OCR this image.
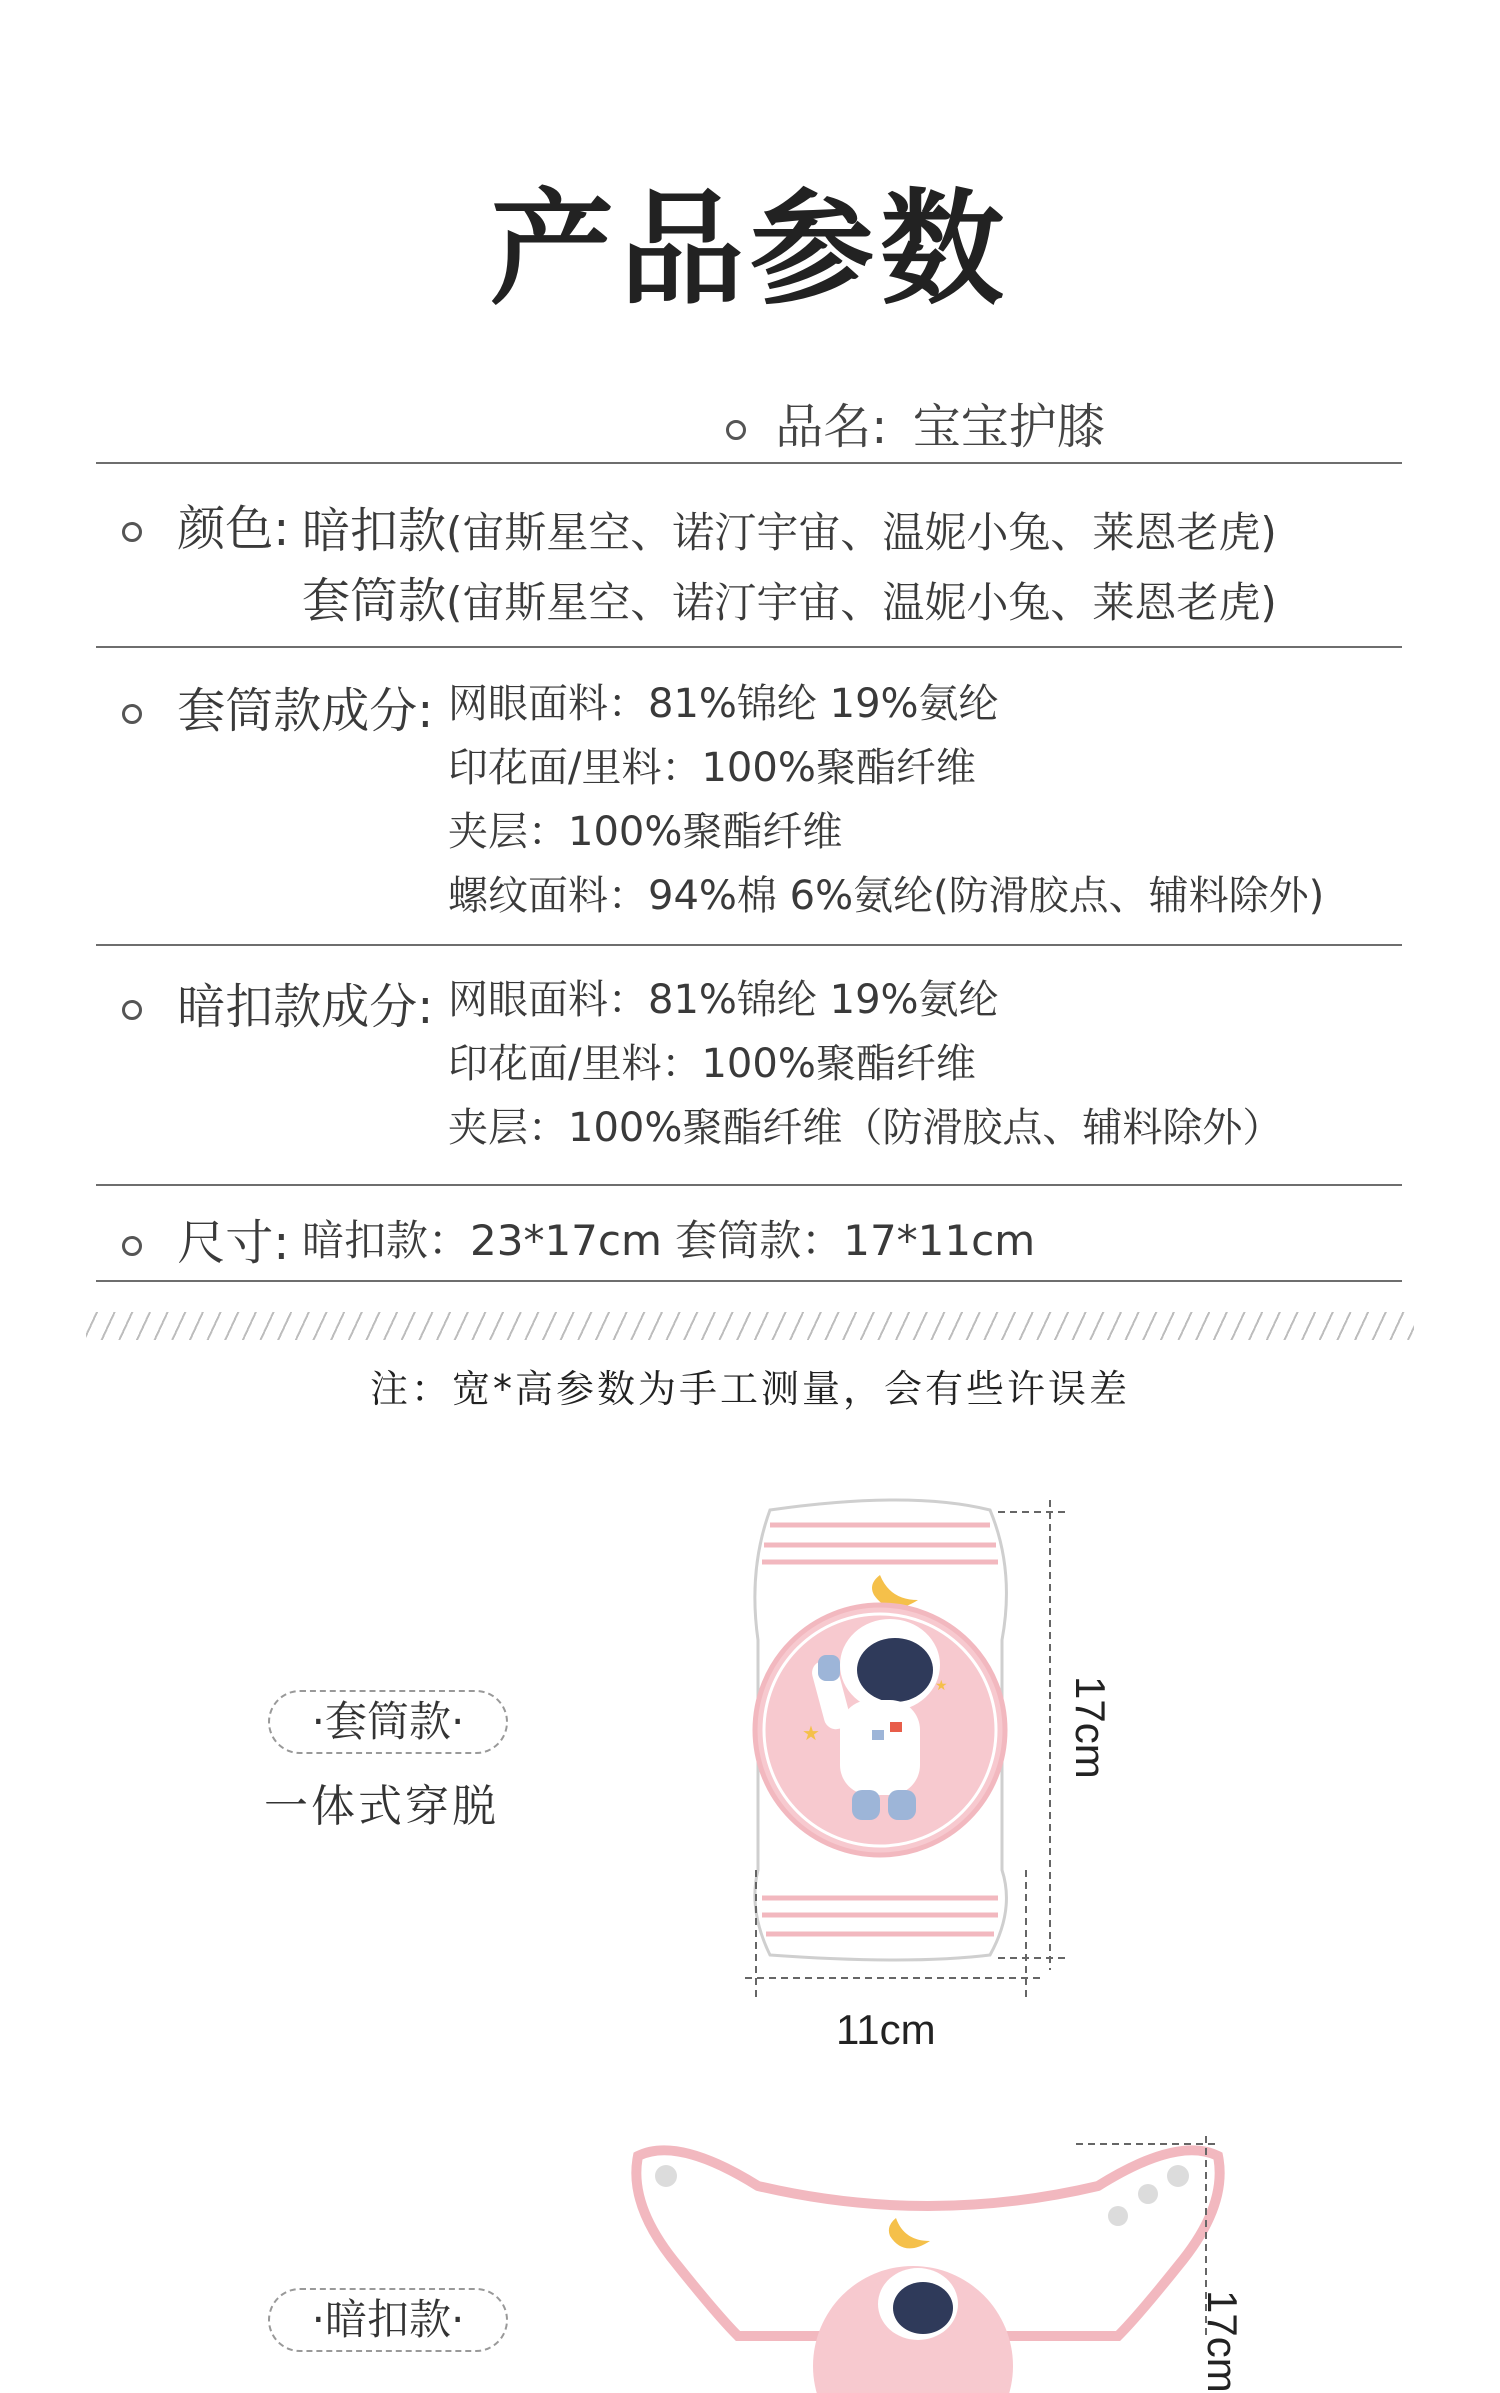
产品参数
品名: 宝宝护膝
颜色: 暗扣款(宙斯星空、诺汀宇宙、温妮小兔、莱恩老虎)
套筒款(宙斯星空、诺汀宇宙、温妮小兔、莱恩老虎)
套筒款成分: 网眼面料：81%锦纶 19%氨纶
印花面/里料：100%聚酯纤维
夹层：100%聚酯纤维
螺纹面料：94%棉 6%氨纶(防滑胶点、辅料除外)
暗扣款成分: 网眼面料：81%锦纶 19%氨纶
印花面/里料：100%聚酯纤维
夹层：100%聚酯纤维（防滑胶点、辅料除外）
尺寸: 暗扣款：23*17cm 套筒款：17*11cm
注：宽*高参数为手工测量，会有些许误差
·套筒款·
一体式穿脱
★
★
11cm
17cm
·暗扣款·	17cm
